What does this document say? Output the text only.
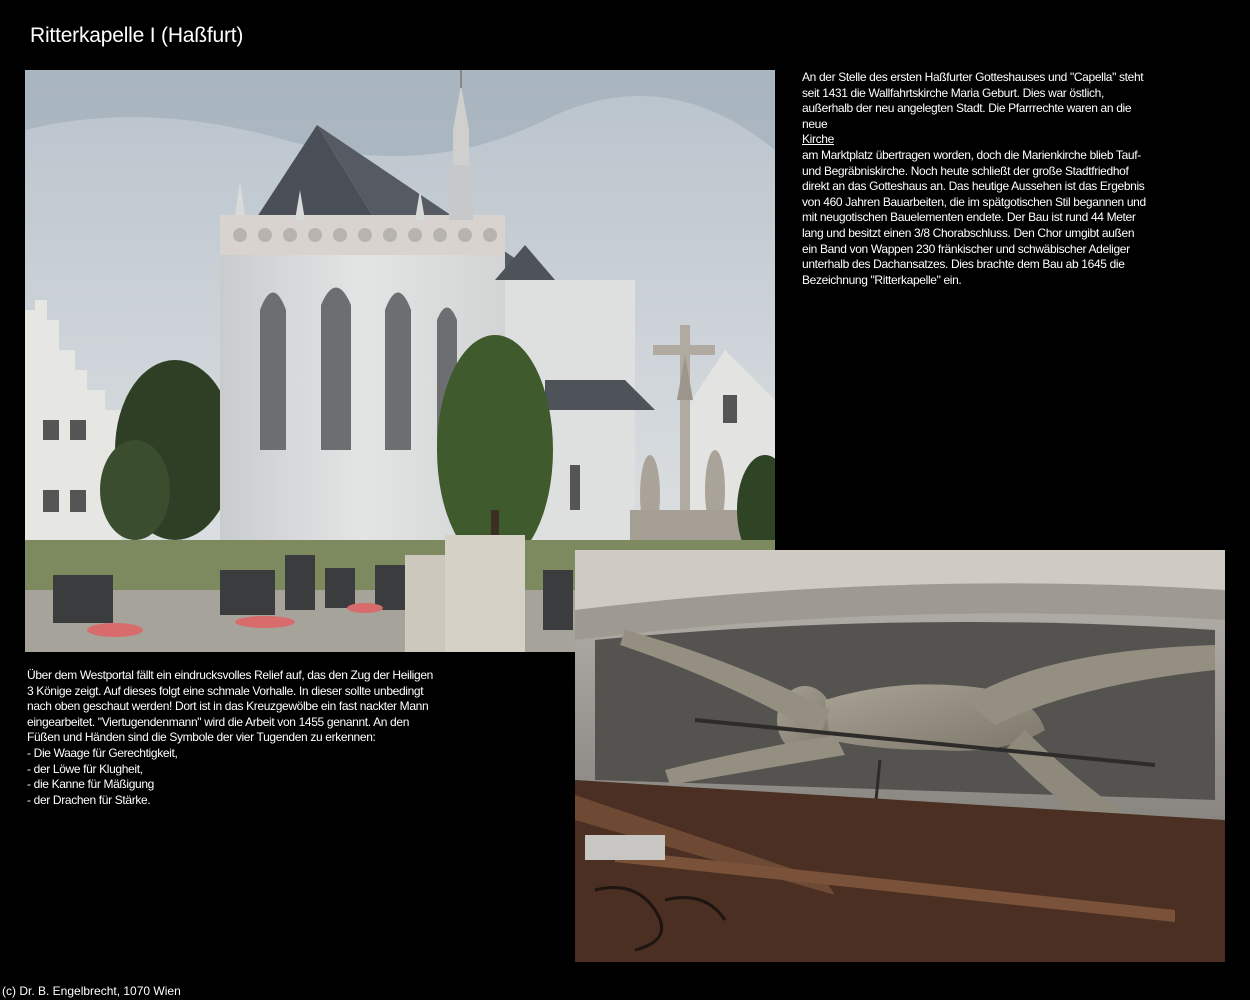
Ritterkapelle I (Haßfurt)
An der Stelle des ersten Haßfurter Gotteshauses und "Capella" steht seit 1431 die Wallfahrtskirche Maria Geburt. Dies war östlich, außerhalb der neu angelegten Stadt. Die Pfarrrechte waren an die neue
Kirche
am Marktplatz übertragen worden, doch die Marienkirche blieb Tauf- und Begräbniskirche. Noch heute schließt der große Stadtfriedhof direkt an das Gotteshaus an. Das heutige Aussehen ist das Ergebnis von 460 Jahren Bauarbeiten, die im spätgotischen Stil begannen und mit neugotischen Bauelementen endete. Der Bau ist rund 44 Meter lang und besitzt einen 3/8 Chorabschluss. Den Chor umgibt außen ein Band von Wappen 230 fränkischer und schwäbischer Adeliger unterhalb des Dachansatzes. Dies brachte dem Bau ab 1645 die Bezeichnung "Ritterkapelle" ein.
Über dem Westportal fällt ein eindrucksvolles Relief auf, das den Zug der Heiligen 3 Könige zeigt. Auf dieses folgt eine schmale Vorhalle. In dieser sollte unbedingt nach oben geschaut werden! Dort ist in das Kreuzgewölbe ein fast nackter Mann eingearbeitet. "Viertugendenmann" wird die Arbeit von 1455 genannt. An den Füßen und Händen sind die Symbole der vier Tugenden zu erkennen:
- Die Waage für Gerechtigkeit,
- der Löwe für Klugheit,
- die Kanne für Mäßigung
- der Drachen für Stärke.
(c) Dr. B. Engelbrecht, 1070 Wien
